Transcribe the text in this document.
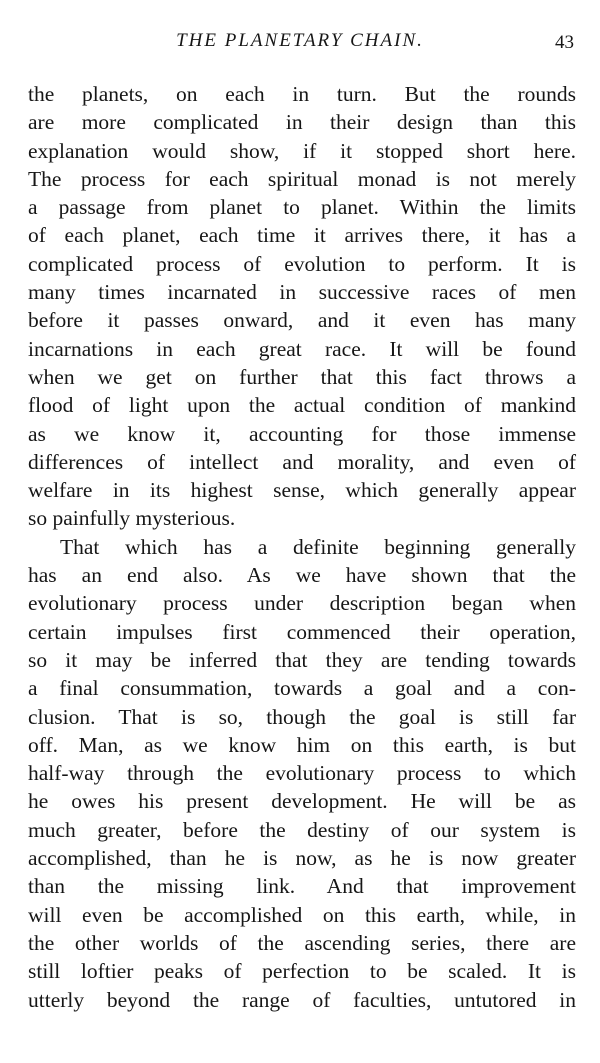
THE PLANETARY CHAIN.	43
the planets, on each in turn. But the rounds
are more complicated in their design than this
explanation would show, if it stopped short here.
The process for each spiritual monad is not merely
a passage from planet to planet. Within the limits
of each planet, each time it arrives there, it has a
complicated process of evolution to perform. It is
many times incarnated in successive races of men
before it passes onward, and it even has many
incarnations in each great race. It will be found
when we get on further that this fact throws a
flood of light upon the actual condition of mankind
as we know it, accounting for those immense
differences of intellect and morality, and even of
welfare in its highest sense, which generally appear
so painfully mysterious.
That which has a definite beginning generally
has an end also. As we have shown that the
evolutionary process under description began when
certain impulses first commenced their operation,
so it may be inferred that they are tending towards
a final consummation, towards a goal and a con-
clusion. That is so, though the goal is still far
off. Man, as we know him on this earth, is but
half-way through the evolutionary process to which
he owes his present development. He will be as
much greater, before the destiny of our system is
accomplished, than he is now, as he is now greater
than the missing link. And that improvement
will even be accomplished on this earth, while, in
the other worlds of the ascending series, there are
still loftier peaks of perfection to be scaled. It is
utterly beyond the range of faculties, untutored in
